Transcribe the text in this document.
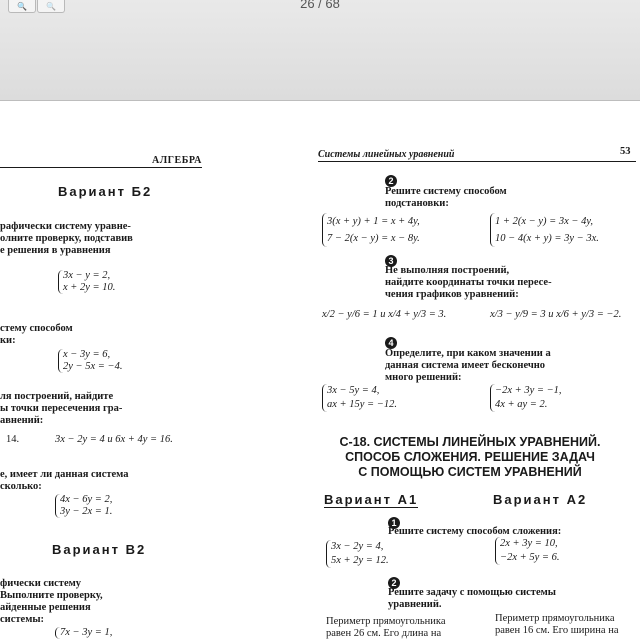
🔍	🔍	26 / 68
АЛГЕБРА
Вариант Б2
рафически систему уравне-
олните проверку, подставив
е решения в уравнения
3x − y = 2,
x + 2y = 10.
стему способом
ки:
x − 3y = 6,
2y − 5x = −4.
ля построений, найдите
ы точки пересечения гра-
авнений:
14.	3x − 2y = 4 и 6x + 4y = 16.
е, имеет ли данная система
сколько:
4x − 6y = 2,
3y − 2x = 1.
Вариант В2
фически систему
Выполните проверку,
айденные решения
системы:
7x − 3y = 1,
Системы линейных уравнений	53
2
Решите систему способом
подстановки:
3(x + y) + 1 = x + 4y,
7 − 2(x − y) = x − 8y.
1 + 2(x − y) = 3x − 4y,
10 − 4(x + y) = 3y − 3x.
3
Не выполняя построений,
найдите координаты точки пересе-
чения графиков уравнений:
x/2 − y/6 = 1 и x/4 + y/3 = 3.	x/3 − y/9 = 3 и x/6 + y/3 = −2.
4
Определите, при каком значении a
данная система имеет бесконечно
много решений:
3x − 5y = 4,
ax + 15y = −12.
−2x + 3y = −1,
4x + ay = 2.
С-18. СИСТЕМЫ ЛИНЕЙНЫХ УРАВНЕНИЙ.
СПОСОБ СЛОЖЕНИЯ. РЕШЕНИЕ ЗАДАЧ
С ПОМОЩЬЮ СИСТЕМ УРАВНЕНИЙ
Вариант А1	Вариант А2
1
Решите систему способом сложения:
3x − 2y = 4,
5x + 2y = 12.
2x + 3y = 10,
−2x + 5y = 6.
2
Решите задачу с помощью системы
уравнений.
Периметр прямоугольника
равен 26 см. Его длина на
Периметр прямоугольника
равен 16 см. Его ширина на
